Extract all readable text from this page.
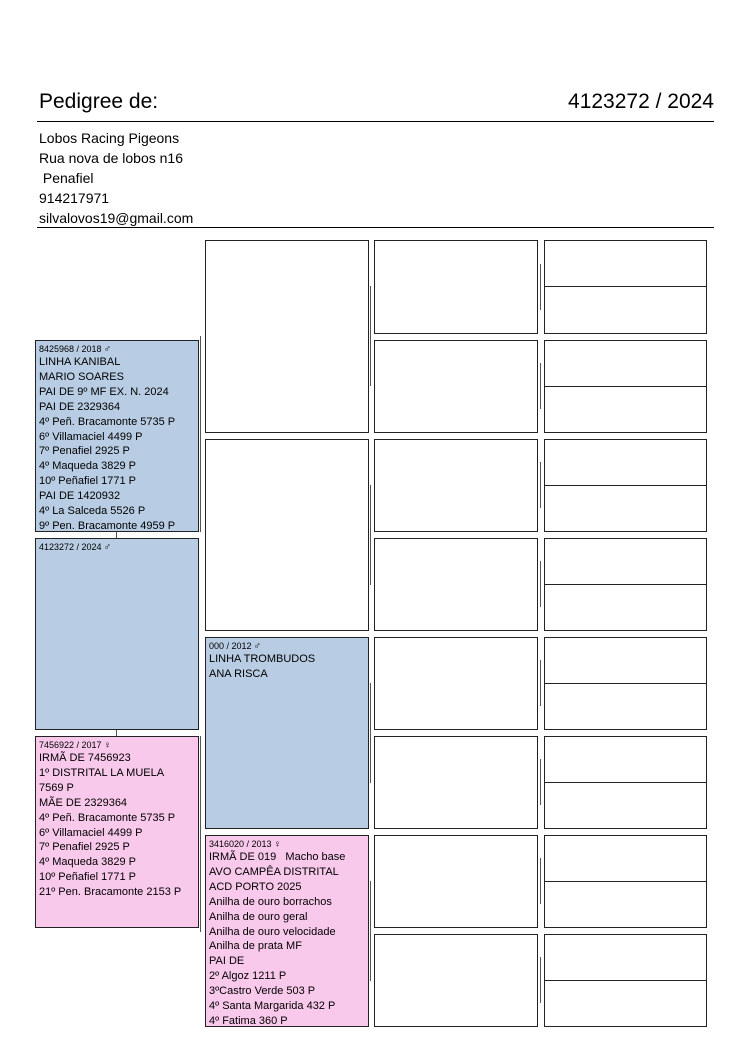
Pedigree de:	4123272 / 2024
Lobos Racing Pigeons
Rua nova de lobos n16
Penafiel
914217971
silvalovos19@gmail.com
8425968 / 2018 ♂
LINHA KANIBAL
MARIO SOARES
PAI DE 9º MF EX. N. 2024
PAI DE 2329364
4º Peñ. Bracamonte 5735 P
6º Villamaciel 4499 P
7º Penafiel 2925 P
4º Maqueda 3829 P
10º Peñafiel 1771 P
PAI DE 1420932
4º La Salceda 5526 P
9º Pen. Bracamonte 4959 P
4123272 / 2024 ♂
7456922 / 2017 ♀
IRMÃ DE 7456923
1º DISTRITAL LA MUELA
7569 P
MÃE DE 2329364
4º Peñ. Bracamonte 5735 P
6º Villamaciel 4499 P
7º Penafiel 2925 P
4º Maqueda 3829 P
10º Peñafiel 1771 P
21º Pen. Bracamonte 2153 P
000 / 2012 ♂
LINHA TROMBUDOS
ANA RISCA
3416020 / 2013 ♀
IRMÃ DE 019   Macho base
AVO CAMPÊA DISTRITAL
ACD PORTO 2025
Anilha de ouro borrachos
Anilha de ouro geral
Anilha de ouro velocidade
Anilha de prata MF
PAI DE
2º Algoz 1211 P
3ºCastro Verde 503 P
4º Santa Margarida 432 P
4º Fatima 360 P
